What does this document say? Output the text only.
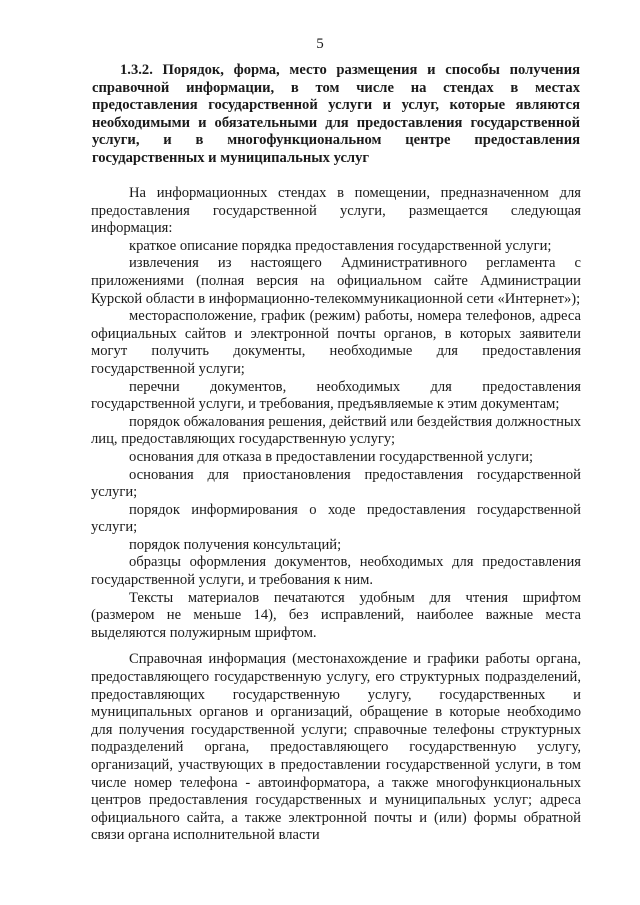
5
1.3.2. Порядок, форма, место размещения и способы получения справочной информации, в том числе на стендах в местах предоставления государственной услуги и услуг, которые являются необходимыми и обязательными для предоставления государственной услуги, и в многофункциональном центре предоставления государственных и муниципальных услуг

На информационных стендах в помещении, предназначенном для предоставления государственной услуги, размещается следующая информация:

краткое описание порядка предоставления государственной услуги;

извлечения из настоящего Административного регламента с приложениями (полная версия на официальном сайте Администрации Курской области в информационно-телекоммуникационной сети «Интернет»);

месторасположение, график (режим) работы, номера телефонов, адреса официальных сайтов и электронной почты органов, в которых заявители могут получить документы, необходимые для предоставления государственной услуги;

перечни документов, необходимых для предоставления государственной услуги, и требования, предъявляемые к этим документам;

порядок обжалования решения, действий или бездействия должностных лиц, предоставляющих государственную услугу;

основания для отказа в предоставлении государственной услуги;

основания для приостановления предоставления государственной услуги;

порядок информирования о ходе предоставления государственной услуги;

порядок получения консультаций;

образцы оформления документов, необходимых для предоставления государственной услуги, и требования к ним.

Тексты материалов печатаются удобным для чтения шрифтом (размером не меньше 14), без исправлений, наиболее важные места выделяются полужирным шрифтом.

Справочная информация (местонахождение и графики работы органа, предоставляющего государственную услугу, его структурных подразделений, предоставляющих государственную услугу, государственных и муниципальных органов и организаций, обращение в которые необходимо для получения государственной услуги; справочные телефоны структурных подразделений органа, предоставляющего государственную услугу, организаций, участвующих в предоставлении государственной услуги, в том числе номер телефона - автоинформатора, а также многофункциональных центров предоставления государственных и муниципальных услуг; адреса официального сайта, а также электронной почты и (или) формы обратной связи органа исполнительной власти
